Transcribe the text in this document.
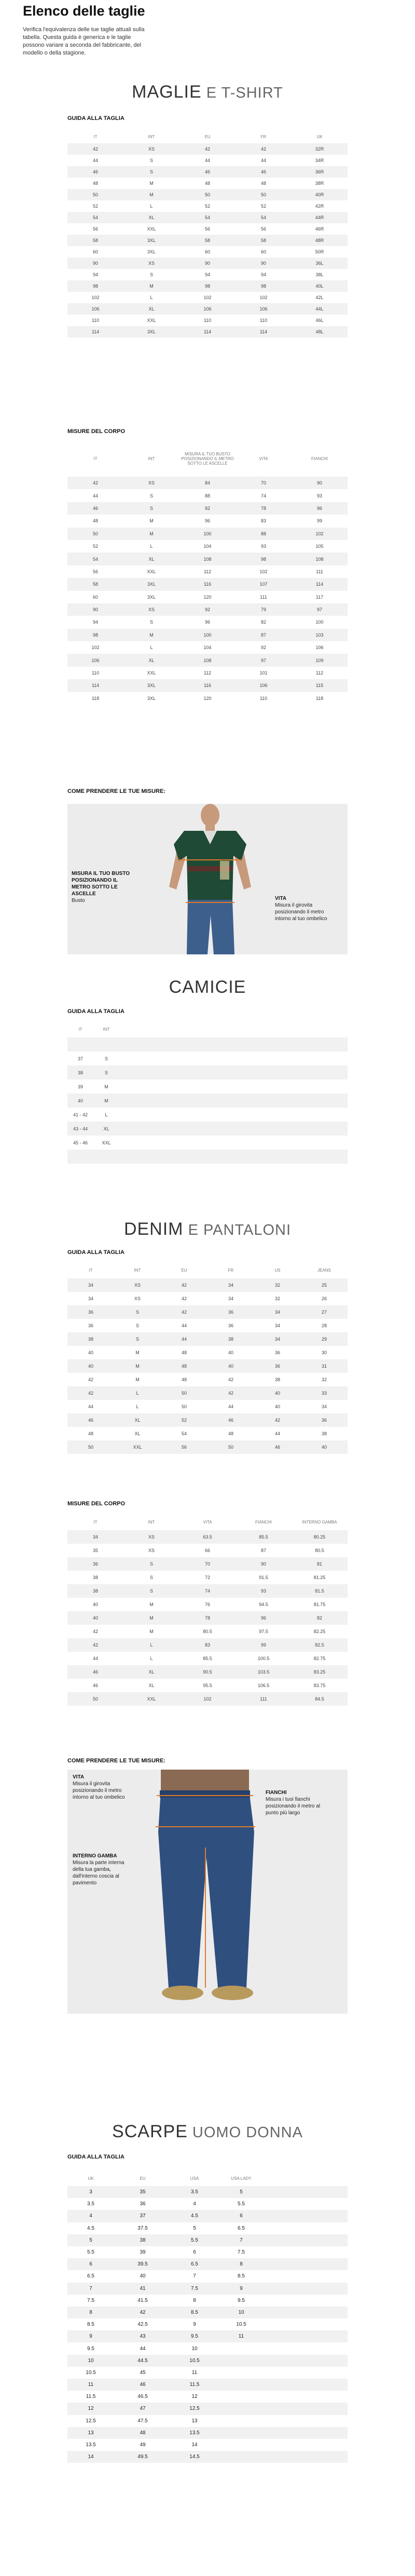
Elenco delle taglie

Verifica l'equivalenza delle tue taglie attuali sulla tabella. Questa guida è generica e le taglie possono variare a seconda del fabbricante, del modello o della stagione.

MAGLIE E T-SHIRT
GUIDA ALLA TAGLIA
IT	INT	EU	FR	UK
42	XS	42	42	32R
44	S	44	44	34R
46	S	46	46	36R
48	M	48	48	38R
50	M	50	50	40R
52	L	52	52	42R
54	XL	54	54	44R
56	XXL	56	56	46R
58	3XL	58	58	48R
60	3XL	60	60	50R
90	XS	90	90	36L
94	S	94	94	38L
98	M	98	98	40L
102	L	102	102	42L
106	XL	106	106	44L
110	XXL	110	110	46L
114	3XL	114	114	48L
MISURE DEL CORPO
IT	INT	MISURA IL TUO BUSTO POSIZIONANDO IL METRO SOTTO LE ASCELLE	VITA	FIANCHI
42	XS	84	70	90
44	S	88	74	93
46	S	92	78	96
48	M	96	83	99
50	M	100	88	102
52	L	104	93	105
54	XL	108	98	108
56	XXL	112	102	111
58	3XL	116	107	114
60	3XL	120	111	117
90	XS	92	79	97
94	S	96	82	100
98	M	100	87	103
102	L	104	92	106
106	XL	108	97	109
110	XXL	112	101	112
114	3XL	116	106	115
118	3XL	120	110	118
COME PRENDERE LE TUE MISURE:
MISURA IL TUO BUSTO POSIZIONANDO IL METRO SOTTO LE ASCELLE
Busto	VITA
Misura il girovita posizionando il metro intorno al tuo ombelico
CAMICIE
GUIDA ALLA TAGLIA
IT	INT	

37	S	
38	S	
39	M	
40	M	
41 - 42	L	
43 - 44	XL	
45 - 46	XXL	

DENIM E PANTALONI
GUIDA ALLA TAGLIA
IT	INT	EU	FR	US	JEANS
34	XS	42	34	32	25
34	XS	42	34	32	26
36	S	42	36	34	27
36	S	44	36	34	28
38	S	44	38	34	29
40	M	48	40	36	30
40	M	48	40	36	31
42	M	48	42	38	32
42	L	50	42	40	33
44	L	50	44	40	34
46	XL	52	46	42	36
48	XL	54	48	44	38
50	XXL	56	50	46	40
MISURE DEL CORPO
IT	INT	VITA	FIANCHI	INTERNO GAMBA
34	XS	63.5	85.5	80.25
35	XS	66	87	80.5
36	S	70	90	81
38	S	72	91.5	81.25
38	S	74	93	81.5
40	M	76	94.5	81.75
40	M	78	96	82
42	M	80.5	97.5	82.25
42	L	83	99	82.5
44	L	85.5	100.5	82.75
46	XL	90.5	103.5	83.25
46	XL	95.5	106.5	83.75
50	XXL	102	111	84.5
COME PRENDERE LE TUE MISURE:
VITA
Misura il girovita posizionando il metro intorno al tuo ombelico
FIANCHI
Misura i tuoi fianchi posizionando il metro al punto più largo
INTERNO GAMBA
Misura la parte interna della tua gamba, dall'interno coscia al pavimento
SCARPE UOMO DONNA
GUIDA ALLA TAGLIA
UK	EU	USA	USA LADY	
3	35	3.5	5	
3.5	36	4	5.5	
4	37	4.5	6	
4.5	37.5	5	6.5	
5	38	5.5	7	
5.5	39	6	7.5	
6	39.5	6.5	8	
6.5	40	7	8.5	
7	41	7.5	9	
7.5	41.5	8	9.5	
8	42	8.5	10	
8.5	42.5	9	10.5	
9	43	9.5	11	
9.5	44	10		
10	44.5	10.5		
10.5	45	11		
11	46	11.5		
11.5	46.5	12		
12	47	12.5		
12.5	47.5	13		
13	48	13.5		
13.5	49	14		
14	49.5	14.5		
